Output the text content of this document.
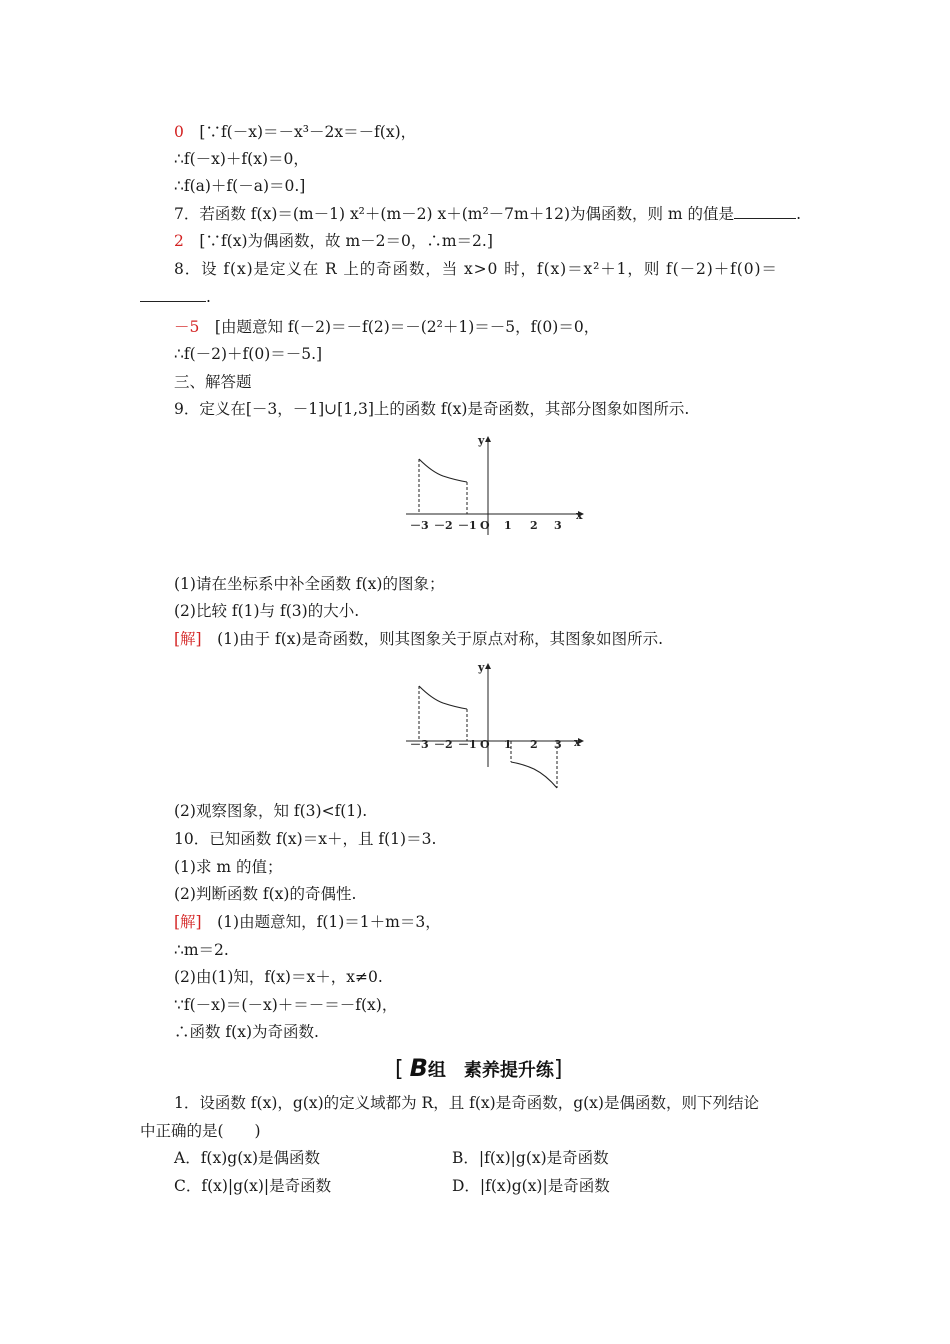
0　 [∵f(－x)＝－x³－2x＝－f(x)，
∴f(－x)＋f(x)＝0，
∴f(a)＋f(－a)＝0.]
7．若函数 f(x)＝(m－1) x²＋(m－2) x＋(m²－7m＋12)为偶函数，则 m 的值是	.
2　 [∵f(x)为偶函数，故 m－2＝0，∴m＝2.]
8．设 f(x)是定义在 R 上的奇函数，当 x>0 时，f(x)＝x²＋1，则 f(－2)＋f(0)＝
.
－5　 [由题意知 f(－2)＝－f(2)＝－(2²＋1)＝－5，f(0)＝0，
∴f(－2)＋f(0)＝－5.]
三、解答题
9．定义在[－3，－1]∪[1,3]上的函数 f(x)是奇函数，其部分图象如图所示.
x
y
－3 －2 －1 O 1 2 3
(1)请在坐标系中补全函数 f(x)的图象；
(2)比较 f(1)与 f(3)的大小.
[解]　 (1)由于 f(x)是奇函数，则其图象关于原点对称，其图象如图所示.
x
y
－3 －2 －1 O 1 2 3
(2)观察图象，知 f(3)<f(1).
10．已知函数 f(x)＝x＋，且 f(1)＝3.
(1)求 m 的值；
(2)判断函数 f(x)的奇偶性.
[解]　 (1)由题意知，f(1)＝1＋m＝3，
∴m＝2.
(2)由(1)知，f(x)＝x＋，x≠0.
∵f(－x)＝(－x)＋＝－＝－f(x)，
∴函数 f(x)为奇函数.
[ B组 素养提升练]
1．设函数 f(x)，g(x)的定义域都为 R，且 f(x)是奇函数，g(x)是偶函数，则下列结论
中正确的是(　　)
A．f(x)g(x)是偶函数	B．|f(x)|g(x)是奇函数
C．f(x)|g(x)|是奇函数	D．|f(x)g(x)|是奇函数
